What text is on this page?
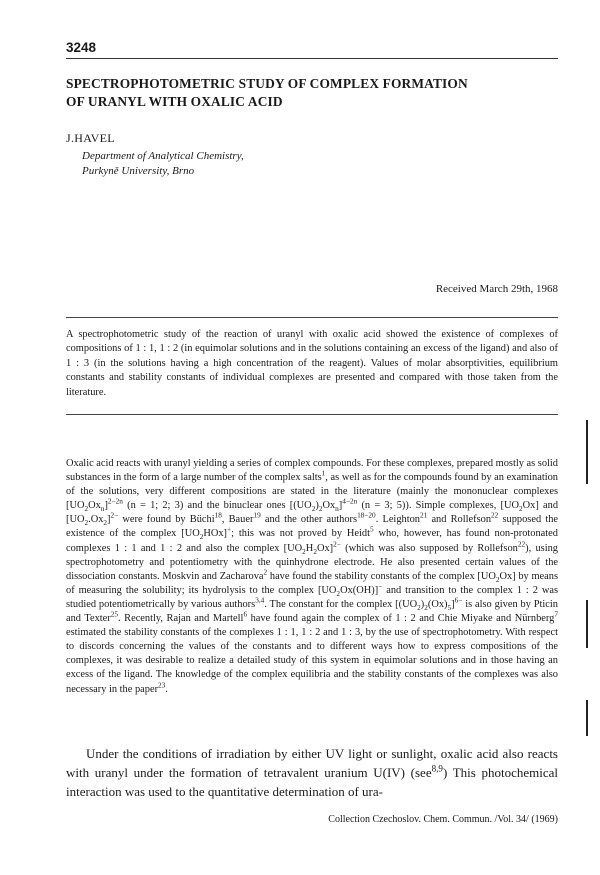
3248
SPECTROPHOTOMETRIC STUDY OF COMPLEX FORMATION
OF URANYL WITH OXALIC ACID
J.HAVEL
Department of Analytical Chemistry,
Purkyně University, Brno
Received March 29th, 1968

A spectrophotometric study of the reaction of uranyl with oxalic acid showed the existence of complexes of compositions of 1 : 1, 1 : 2 (in equimolar solutions and in the solutions containing an excess of the ligand) and also of 1 : 3 (in the solutions having a high concentration of the reagent). Values of molar absorptivities, equilibrium constants and stability constants of individual complexes are presented and compared with those taken from the literature.

Oxalic acid reacts with uranyl yielding a series of complex compounds. For these complexes, prepared mostly as solid substances in the form of a large number of the complex salts$^1$, as well as for the compounds found by an examination of the solutions, very different compositions are stated in the literature (mainly the mononuclear complexes $[UO_2Ox_n]^{2-2n}$ (n = 1; 2; 3) and the binuclear ones $[(UO_2)_2Ox_n]^{4-2n}$ (n = 3; 5)). Simple complexes, $[UO_2Ox]$ and $[UO_2.Ox_2]^{2-}$ were found by Büchi$^{18}$, Bauer$^{19}$ and the other authors$^{18-20}$. Leighton$^{21}$ and Rollefson$^{22}$ supposed the existence of the complex $[UO_2HOx]^+$; this was not proved by Heidt$^5$ who, however, has found non-protonated complexes 1 : 1 and 1 : 2 and also the complex $[UO_2H_2Ox]^{2-}$ (which was also supposed by Rollefson$^{22}$), using spectrophotometry and potentiometry with the quinhydrone electrode. He also presented certain values of the dissociation constants. Moskvin and Zacharova$^2$ have found the stability constants of the complex $[UO_2Ox]$ by means of measuring the solubility; its hydrolysis to the complex $[UO_2Ox(OH)]^-$ and transition to the complex 1 : 2 was studied potentiometrically by various authors$^{3,4}$. The constant for the complex $[(UO_2)_2(Ox)_5]^{6-}$ is also given by Pticin and Texter$^{25}$. Recently, Rajan and Martell$^6$ have found again the complex of 1 : 2 and Chie Miyake and Nürnberg$^7$ estimated the stability constants of the complexes 1 : 1, 1 : 2 and 1 : 3, by the use of spectrophotometry. With respect to discords concerning the values of the constants and to different ways how to express compositions of the complexes, it was desirable to realize a detailed study of this system in equimolar solutions and in those having an excess of the ligand. The knowledge of the complex equilibria and the stability constants of the complexes was also necessary in the paper$^{23}$.

Under the conditions of irradiation by either UV light or sunlight, oxalic acid also reacts with uranyl under the formation of tetravalent uranium U(IV) (see$^{8,9}$) This photochemical interaction was used to the quantitative determination of ura-

Collection Czechoslov. Chem. Commun. /Vol. 34/ (1969)
